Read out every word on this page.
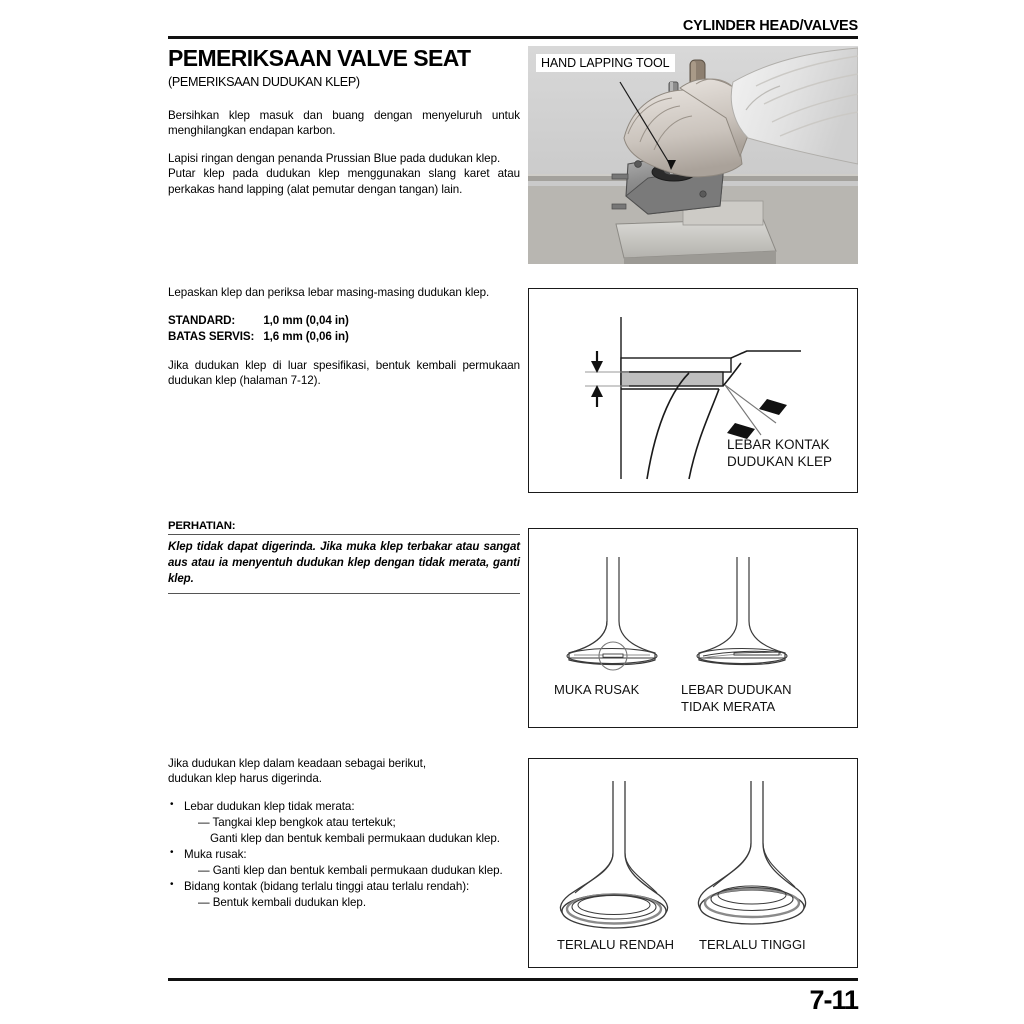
CYLINDER HEAD/VALVES
PEMERIKSAAN VALVE SEAT

(PEMERIKSAAN DUDUKAN KLEP)

Bersihkan klep masuk dan buang dengan menyeluruh untuk menghilangkan endapan karbon.

Lapisi ringan dengan penanda Prussian Blue pada dudukan klep.

Putar klep pada dudukan klep menggunakan slang karet atau perkakas hand lapping (alat pemutar dengan tangan) lain.

Lepaskan klep dan periksa lebar masing-masing dudukan klep.

STANDARD:	1,0 mm (0,04 in)
BATAS SERVIS:	1,6 mm (0,06 in)

Jika dudukan klep di luar spesifikasi, bentuk kembali permukaan dudukan klep (halaman 7-12).

PERHATIAN:
Klep tidak dapat digerinda. Jika muka klep terbakar atau sangat aus atau ia menyentuh dudukan klep dengan tidak merata, ganti klep.

Jika dudukan klep dalam keadaan sebagai berikut,

dudukan klep harus digerinda.

• Lebar dudukan klep tidak merata:
— Tangkai klep bengkok atau tertekuk;
Ganti klep dan bentuk kembali permukaan dudukan klep.
• Muka rusak:
— Ganti klep dan bentuk kembali permukaan dudukan klep.
• Bidang kontak (bidang terlalu tinggi atau terlalu rendah):
— Bentuk kembali dudukan klep.
HAND LAPPING TOOL
LEBAR KONTAK
DUDUKAN KLEP
MUKA RUSAK	LEBAR DUDUKAN
TIDAK MERATA
TERLALU RENDAH TERLALU TINGGI
7-11
